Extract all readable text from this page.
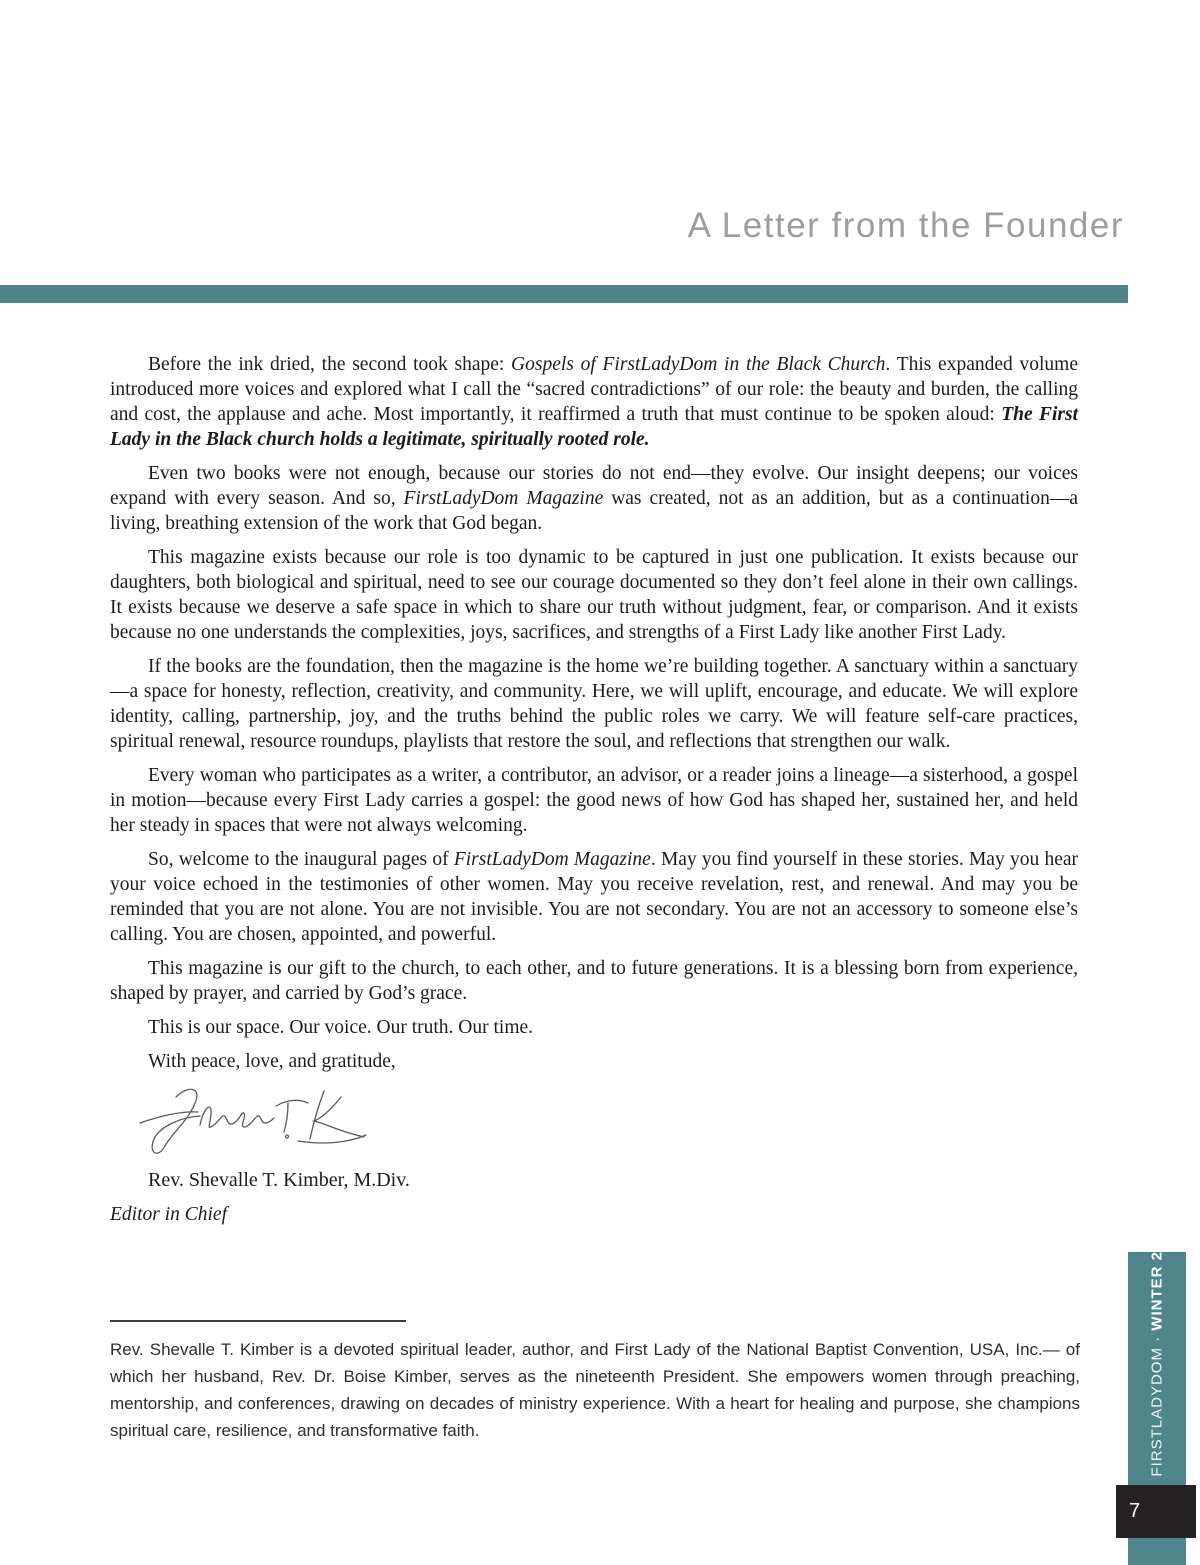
A Letter from the Founder

Before the ink dried, the second took shape: Gospels of FirstLadyDom in the Black Church. This expanded volume introduced more voices and explored what I call the “sacred contradictions” of our role: the beauty and burden, the calling and cost, the applause and ache. Most importantly, it reaffirmed a truth that must continue to be spoken aloud: The First Lady in the Black church holds a legitimate, spiritually rooted role.

Even two books were not enough, because our stories do not end—they evolve. Our insight deepens; our voices expand with every season. And so, FirstLadyDom Magazine was created, not as an addition, but as a continuation—a living, breathing extension of the work that God began.

This magazine exists because our role is too dynamic to be captured in just one publication. It exists because our daughters, both biological and spiritual, need to see our courage documented so they don’t feel alone in their own callings. It exists because we deserve a safe space in which to share our truth without judgment, fear, or comparison. And it exists because no one understands the complexities, joys, sacrifices, and strengths of a First Lady like another First Lady.

If the books are the foundation, then the magazine is the home we’re building together. A sanctuary within a sanctuary—a space for honesty, reflection, creativity, and community. Here, we will uplift, encourage, and educate. We will explore identity, calling, partnership, joy, and the truths behind the public roles we carry. We will feature self-care practices, spiritual renewal, resource roundups, playlists that restore the soul, and reflections that strengthen our walk.

Every woman who participates as a writer, a contributor, an advisor, or a reader joins a lineage—a sisterhood, a gospel in motion—because every First Lady carries a gospel: the good news of how God has shaped her, sustained her, and held her steady in spaces that were not always welcoming.

So, welcome to the inaugural pages of FirstLadyDom Magazine. May you find yourself in these stories. May you hear your voice echoed in the testimonies of other women. May you receive revelation, rest, and renewal. And may you be reminded that you are not alone. You are not invisible. You are not secondary. You are not an accessory to someone else’s calling. You are chosen, appointed, and powerful.

This magazine is our gift to the church, to each other, and to future generations. It is a blessing born from experience, shaped by prayer, and carried by God’s grace.

This is our space. Our voice. Our truth. Our time.

With peace, love, and gratitude,

Rev. Shevalle T. Kimber, M.Div.
Editor in Chief
Rev. Shevalle T. Kimber is a devoted spiritual leader, author, and First Lady of the National Baptist Convention, USA, Inc.— of which her husband, Rev. Dr. Boise Kimber, serves as the nineteenth President. She empowers women through preaching, mentorship, and conferences, drawing on decades of ministry experience. With a heart for healing and purpose, she champions spiritual care, resilience, and transformative faith.	FIRSTLADYDOM · WINTER 2026
7
